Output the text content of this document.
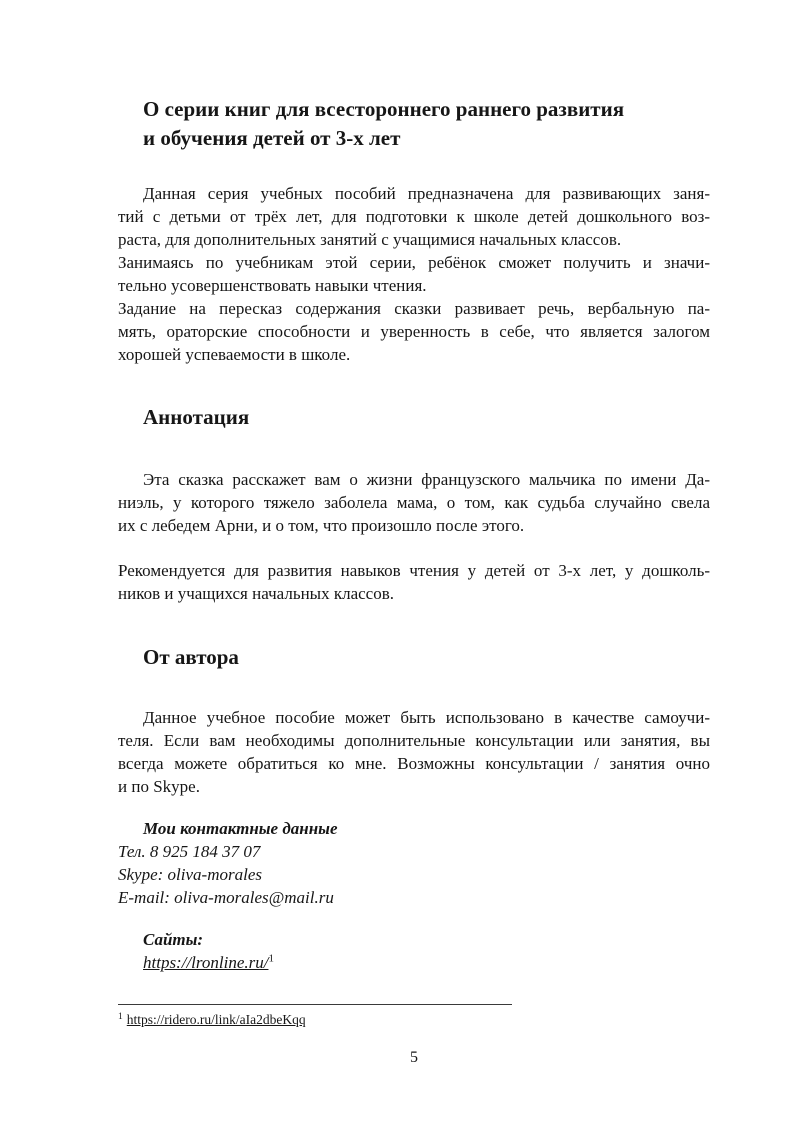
О серии книг для всестороннего раннего развития
и обучения детей от 3-х лет
Данная серия учебных пособий предназначена для развивающих заня-
тий с детьми от трёх лет, для подготовки к школе детей дошкольного воз-
раста, для дополнительных занятий с учащимися начальных классов.
Занимаясь по учебникам этой серии, ребёнок сможет получить и значи-
тельно усовершенствовать навыки чтения.
Задание на пересказ содержания сказки развивает речь, вербальную па-
мять, ораторские способности и уверенность в себе, что является залогом
хорошей успеваемости в школе.
Аннотация
Эта сказка расскажет вам о жизни французского мальчика по имени Да-
ниэль, у которого тяжело заболела мама, о том, как судьба случайно свела
их с лебедем Арни, и о том, что произошло после этого.
Рекомендуется для развития навыков чтения у детей от 3-х лет, у дошколь-
ников и учащихся начальных классов.
От автора
Данное учебное пособие может быть использовано в качестве самоучи-
теля. Если вам необходимы дополнительные консультации или занятия, вы
всегда можете обратиться ко мне. Возможны консультации / занятия очно
и по Skype.
Мои контактные данные
Тел. 8 925 184 37 07
Skype: oliva-morales
E-mail: oliva-morales@mail.ru
Сайты:
https://lronline.ru/$^1$
$^1$ https://ridero.ru/link/aIa2dbeKqq
5
